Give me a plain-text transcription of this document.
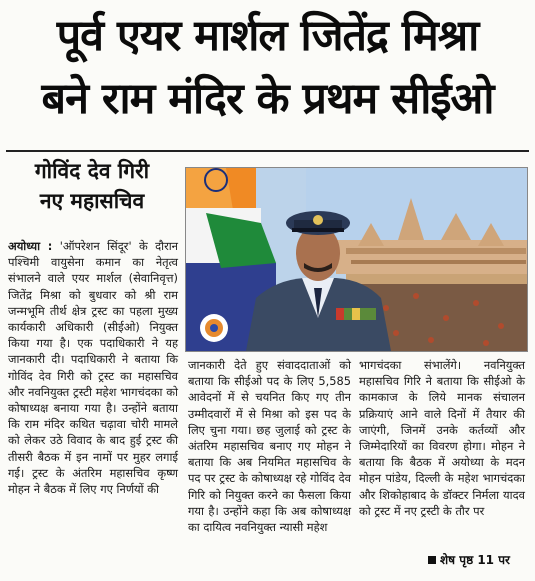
पूर्व एयर मार्शल जितेंद्र मिश्रा
बने राम मंदिर के प्रथम सीईओ
गोविंद देव गिरी
नए महासचिव

अयोध्या : 'ऑपरेशन सिंदूर' के दौरान पश्चिमी वायुसेना कमान का नेतृत्व संभालने वाले एयर मार्शल (सेवानिवृत्त) जितेंद्र मिश्रा को बुधवार को श्री राम जन्मभूमि तीर्थ क्षेत्र ट्रस्ट का पहला मुख्य कार्यकारी अधिकारी (सीईओ) नियुक्त किया गया है। एक पदाधिकारी ने यह जानकारी दी। पदाधिकारी ने बताया कि गोविंद देव गिरी को ट्रस्ट का महासचिव और नवनियुक्त ट्रस्टी महेश भागचंदका को कोषाध्यक्ष बनाया गया है। उन्होंने बताया कि राम मंदिर कथित चढ़ावा चोरी मामले को लेकर उठे विवाद के बाद हुई ट्रस्ट की तीसरी बैठक में इन नामों पर मुहर लगाई गई। ट्रस्ट के अंतरिम महासचिव कृष्ण मोहन ने बैठक में लिए गए निर्णयों की

जानकारी देते हुए संवाददाताओं को बताया कि सीईओ पद के लिए 5,585 आवेदनों में से चयनित किए गए तीन उम्मीदवारों में से मिश्रा को इस पद के लिए चुना गया। छह जुलाई को ट्रस्ट के अंतरिम महासचिव बनाए गए मोहन ने बताया कि अब नियमित महासचिव के पद पर ट्रस्ट के कोषाध्यक्ष रहे गोविंद देव गिरि को नियुक्त करने का फैसला किया गया है। उन्होंने कहा कि अब कोषाध्यक्ष का दायित्व नवनियुक्त न्यासी महेश

भागचंदका संभालेंगे। नवनियुक्त महासचिव गिरि ने बताया कि सीईओ के कामकाज के लिये मानक संचालन प्रक्रियाएं आने वाले दिनों में तैयार की जाएंगी, जिनमें उनके कर्तव्यों और जिम्मेदारियों का विवरण होगा। मोहन ने बताया कि बैठक में अयोध्या के मदन मोहन पांडेय, दिल्ली के महेश भागचंदका और शिकोहाबाद के डॉक्टर निर्मला यादव को ट्रस्ट में नए ट्रस्टी के तौर पर

शेष पृष्ठ 11 पर
